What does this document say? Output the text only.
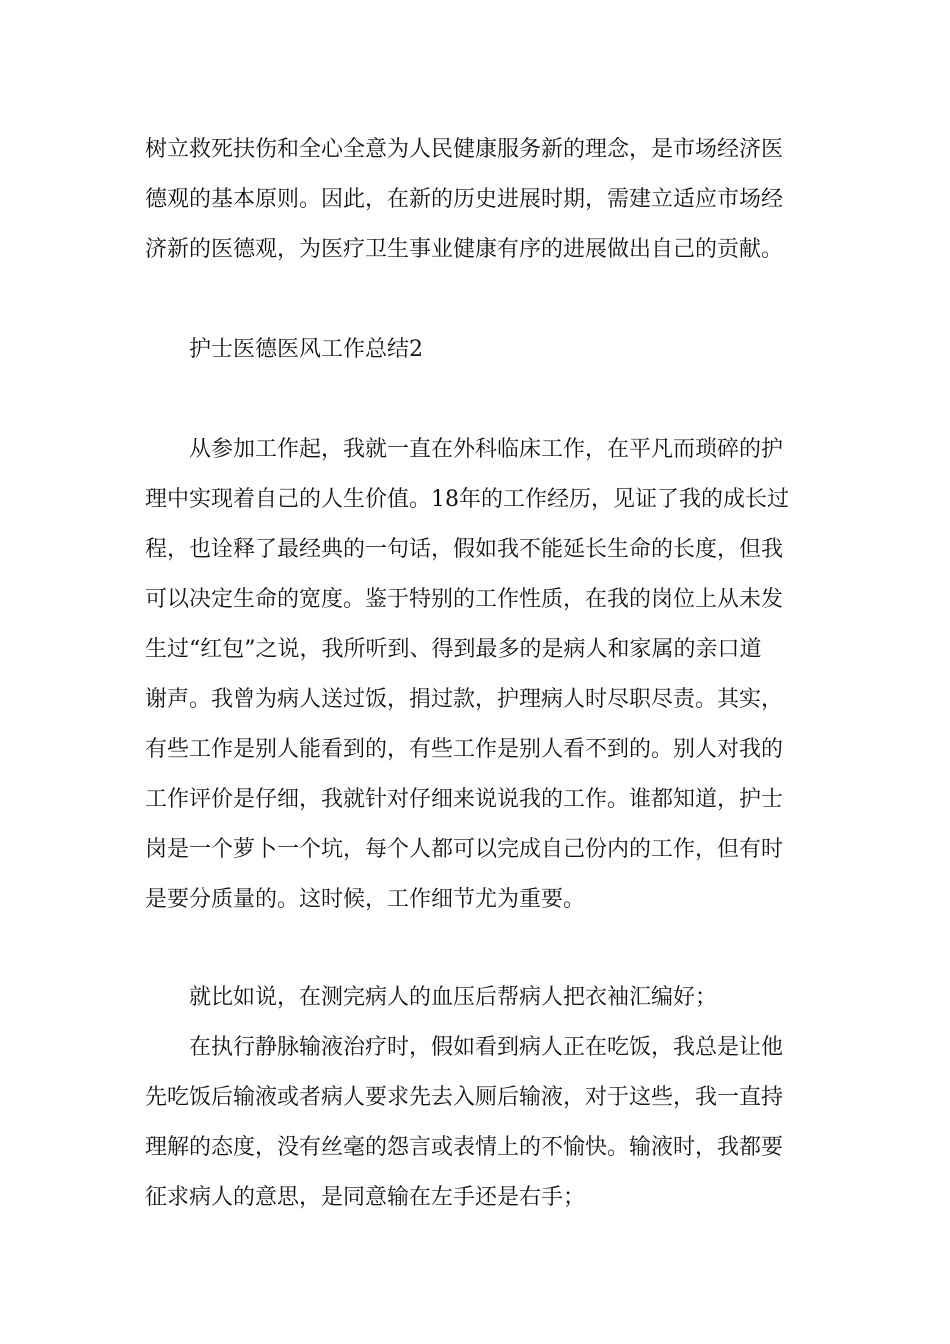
树立救死扶伤和全心全意为人民健康服务新的理念，是市场经济医
德观的基本原则。因此，在新的历史进展时期，需建立适应市场经
济新的医德观，为医疗卫生事业健康有序的进展做出自己的贡献。
护士医德医风工作总结2
从参加工作起，我就一直在外科临床工作，在平凡而琐碎的护
理中实现着自己的人生价值。18年的工作经历，见证了我的成长过
程，也诠释了最经典的一句话，假如我不能延长生命的长度，但我
可以决定生命的宽度。鉴于特别的工作性质，在我的岗位上从未发
生过“红包”之说，我所听到、得到最多的是病人和家属的亲口道
谢声。我曾为病人送过饭，捐过款，护理病人时尽职尽责。其实，
有些工作是别人能看到的，有些工作是别人看不到的。别人对我的
工作评价是仔细，我就针对仔细来说说我的工作。谁都知道，护士
岗是一个萝卜一个坑，每个人都可以完成自己份内的工作，但有时
是要分质量的。这时候，工作细节尤为重要。
就比如说，在测完病人的血压后帮病人把衣袖汇编好；
在执行静脉输液治疗时，假如看到病人正在吃饭，我总是让他
先吃饭后输液或者病人要求先去入厕后输液，对于这些，我一直持
理解的态度，没有丝毫的怨言或表情上的不愉快。输液时，我都要
征求病人的意思，是同意输在左手还是右手；
